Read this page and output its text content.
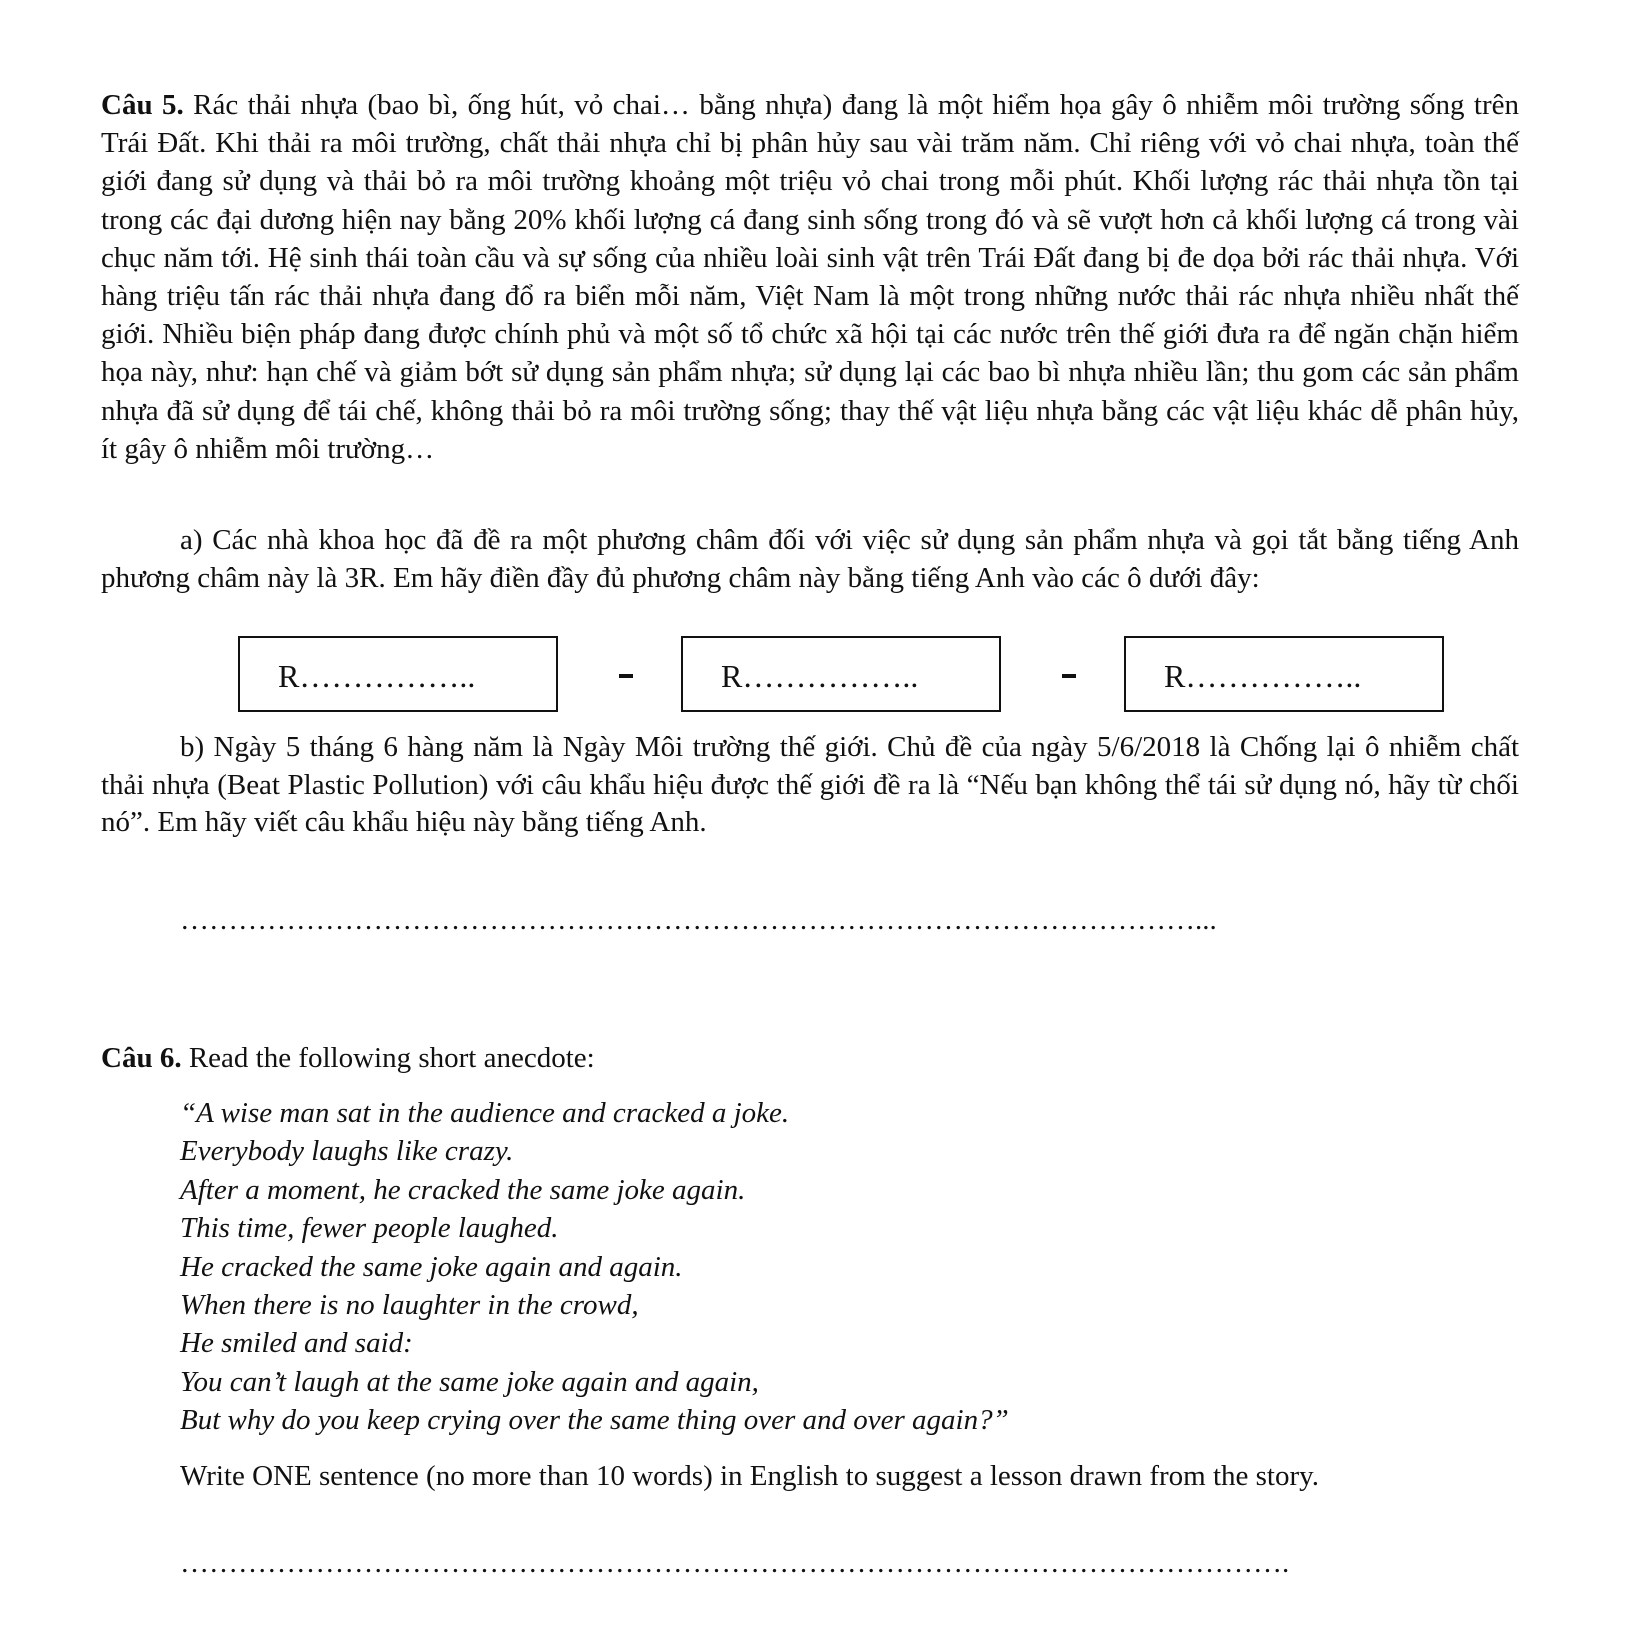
Câu 5. Rác thải nhựa (bao bì, ống hút, vỏ chai… bằng nhựa) đang là một hiểm họa gây ô nhiễm môi trường sống trên Trái Đất. Khi thải ra môi trường, chất thải nhựa chỉ bị phân hủy sau vài trăm năm. Chỉ riêng với vỏ chai nhựa, toàn thế giới đang sử dụng và thải bỏ ra môi trường khoảng một triệu vỏ chai trong mỗi phút. Khối lượng rác thải nhựa tồn tại trong các đại dương hiện nay bằng 20% khối lượng cá đang sinh sống trong đó và sẽ vượt hơn cả khối lượng cá trong vài chục năm tới. Hệ sinh thái toàn cầu và sự sống của nhiều loài sinh vật trên Trái Đất đang bị đe dọa bởi rác thải nhựa. Với hàng triệu tấn rác thải nhựa đang đổ ra biển mỗi năm, Việt Nam là một trong những nước thải rác nhựa nhiều nhất thế giới. Nhiều biện pháp đang được chính phủ và một số tổ chức xã hội tại các nước trên thế giới đưa ra để ngăn chặn hiểm họa này, như: hạn chế và giảm bớt sử dụng sản phẩm nhựa; sử dụng lại các bao bì nhựa nhiều lần; thu gom các sản phẩm nhựa đã sử dụng để tái chế, không thải bỏ ra môi trường sống; thay thế vật liệu nhựa bằng các vật liệu khác dễ phân hủy, ít gây ô nhiễm môi trường…

a) Các nhà khoa học đã đề ra một phương châm đối với việc sử dụng sản phẩm nhựa và gọi tắt bằng tiếng Anh phương châm này là 3R. Em hãy điền đầy đủ phương châm này bằng tiếng Anh vào các ô dưới đây:

R……………..	R……………..	R……………..

b) Ngày 5 tháng 6 hàng năm là Ngày Môi trường thế giới. Chủ đề của ngày 5/6/2018 là Chống lại ô nhiễm chất thải nhựa (Beat Plastic Pollution) với câu khẩu hiệu được thế giới đề ra là “Nếu bạn không thể tái sử dụng nó, hãy từ chối nó”. Em hãy viết câu khẩu hiệu này bằng tiếng Anh.

……………………………………………………………………………………………...

Câu 6. Read the following short anecdote:

“A wise man sat in the audience and cracked a joke.
Everybody laughs like crazy.
After a moment, he cracked the same joke again.
This time, fewer people laughed.
He cracked the same joke again and again.
When there is no laughter in the crowd,
He smiled and said:
You can’t laugh at the same joke again and again,
But why do you keep crying over the same thing over and over again?”

Write ONE sentence (no more than 10 words) in English to suggest a lesson drawn from the story.

…………………………………………………………………………………………………….
